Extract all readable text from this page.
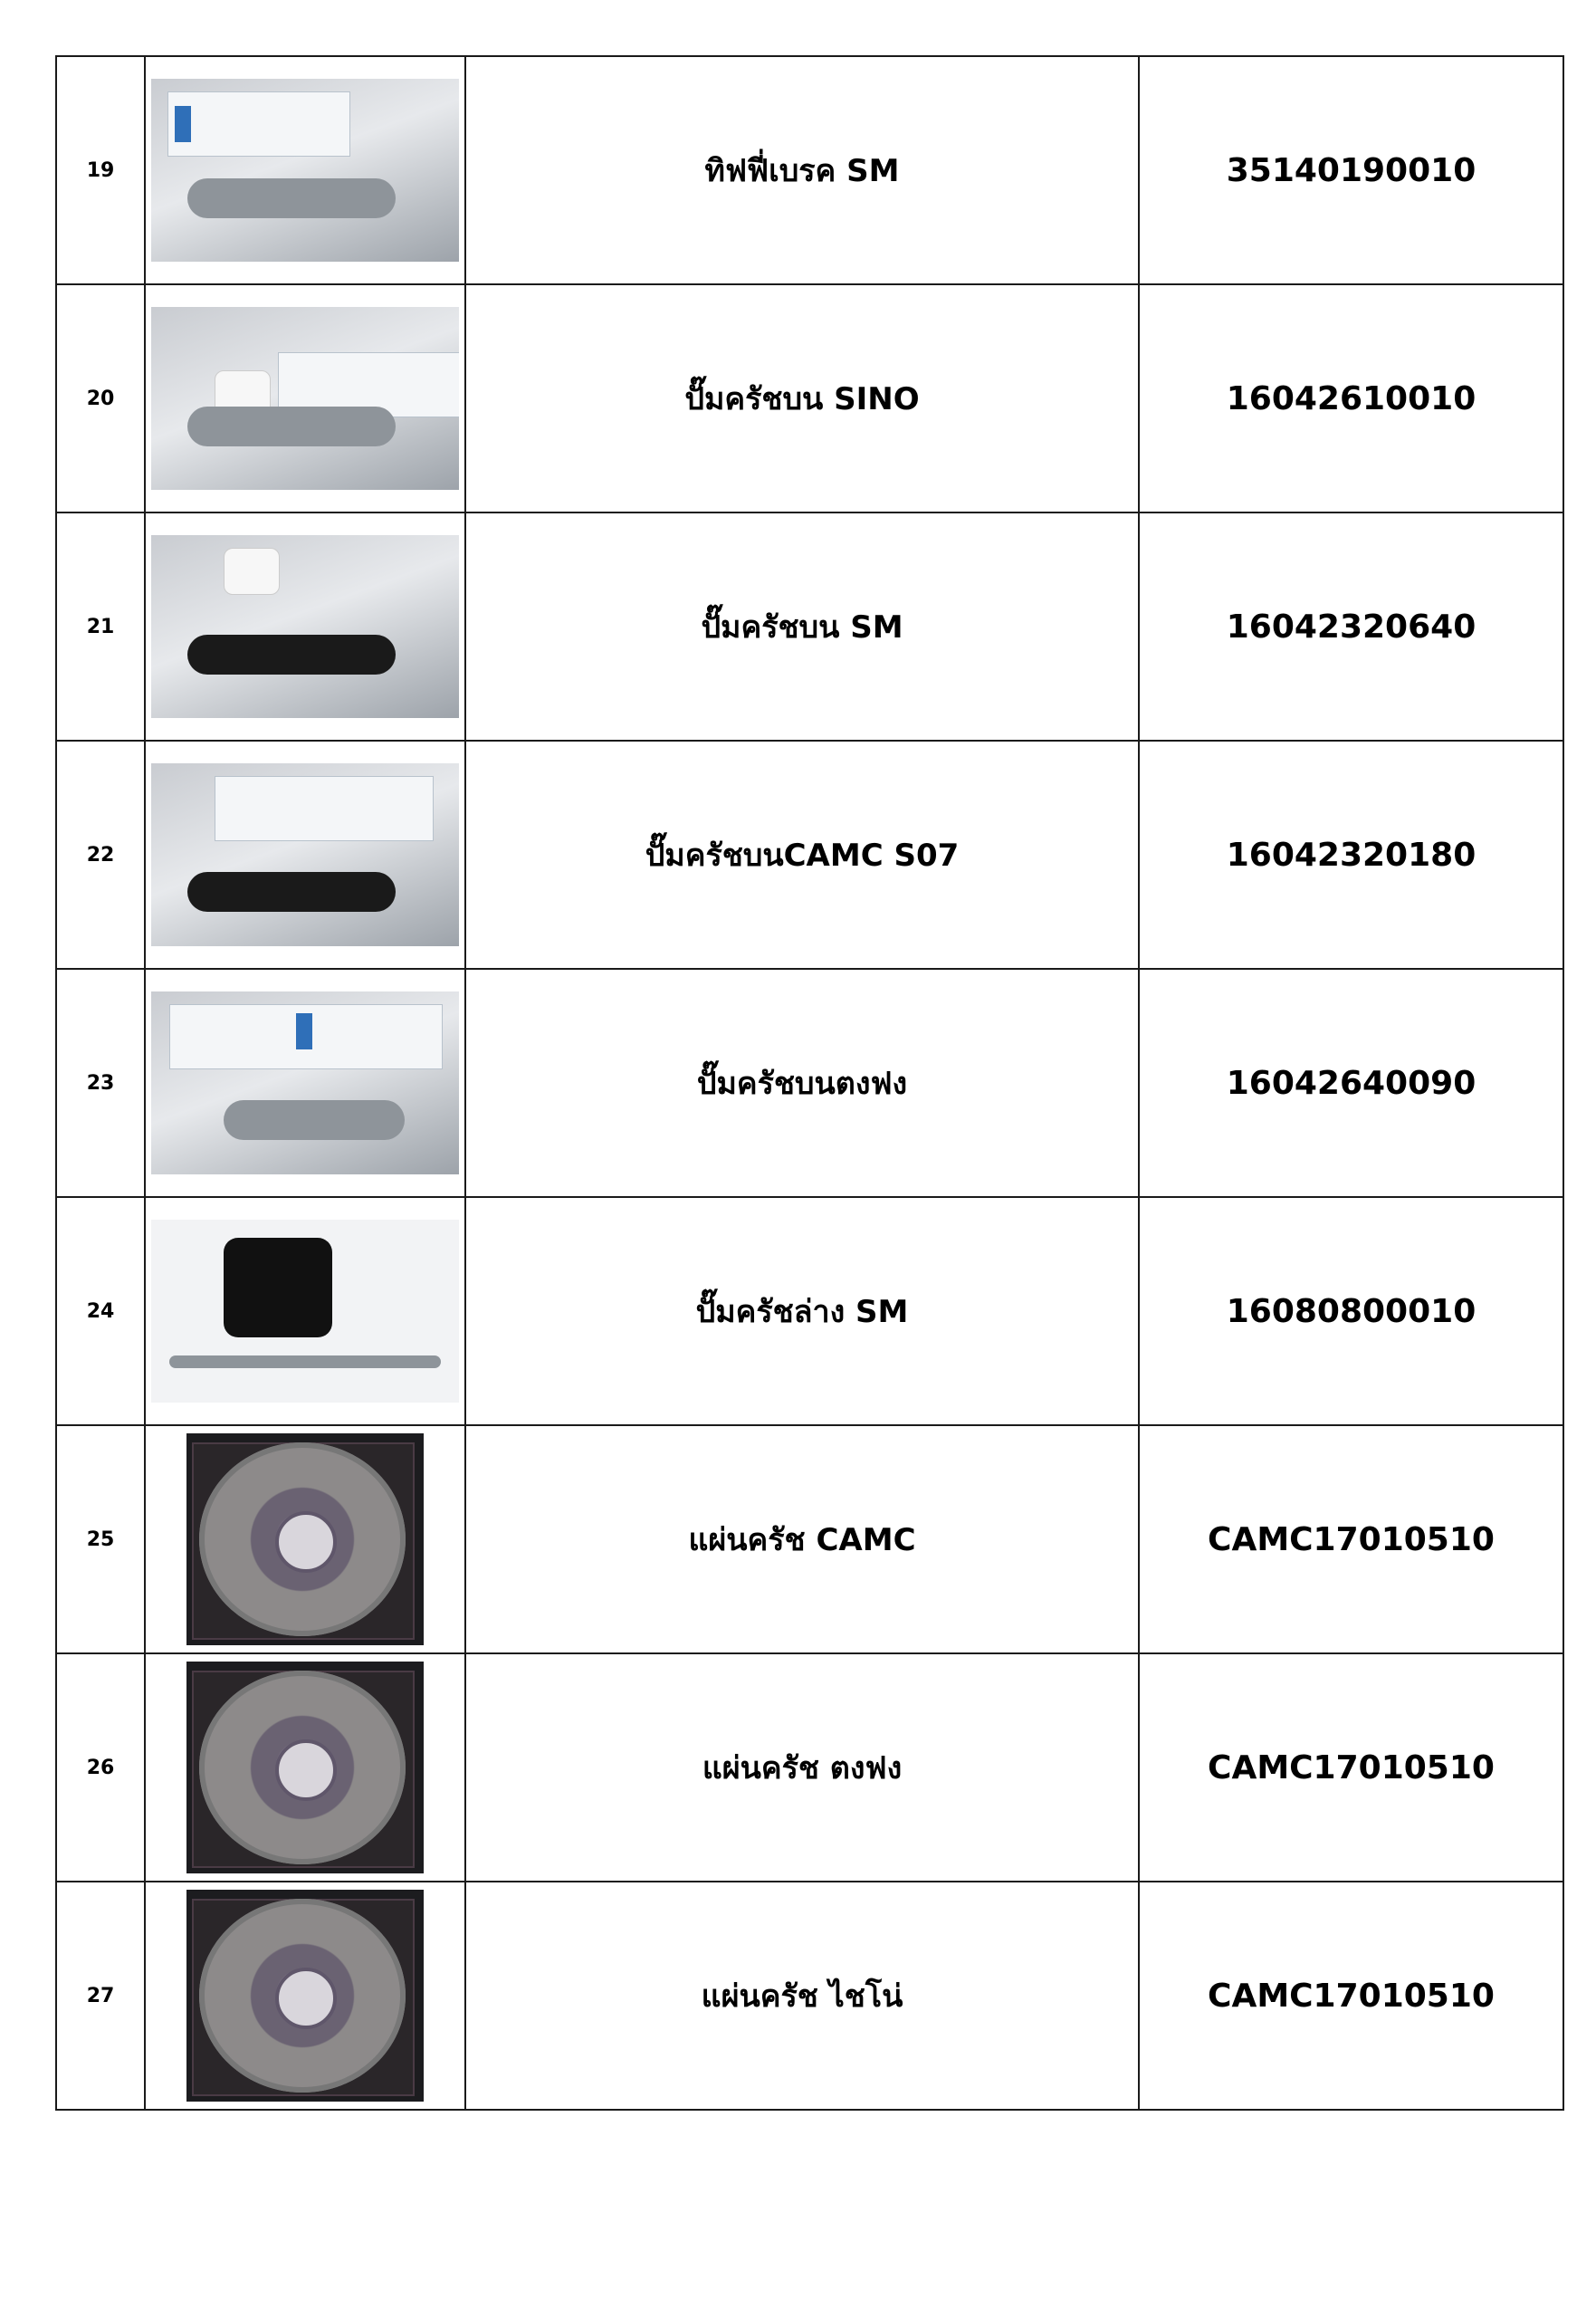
19		ทิฟฟี่เบรค SM	35140190010
20		ปั๊มครัชบน SINO	16042610010
21		ปั๊มครัชบน SM	16042320640
22		ปั๊มครัชบนCAMC S07	16042320180
23		ปั๊มครัชบนตงฟง	16042640090
24		ปั๊มครัชล่าง SM	16080800010
25		แผ่นครัช CAMC	CAMC17010510
26		แผ่นครัช ตงฟง	CAMC17010510
27		แผ่นครัช ไชโน่	CAMC17010510
